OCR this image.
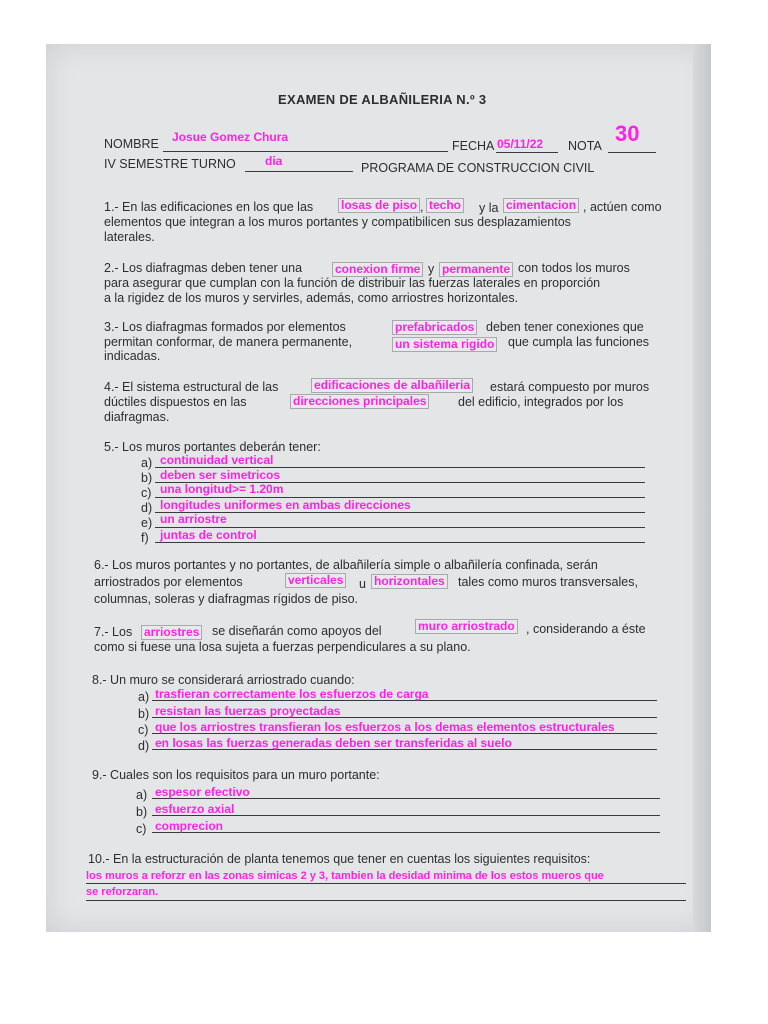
EXAMEN DE ALBAÑILERIA N.º 3
NOMBRE Josue Gomez Chura
FECHA 05/11/22 NOTA 30
IV SEMESTRE TURNO dia	PROGRAMA DE CONSTRUCCION CIVIL
1.- En las edificaciones en los que las losas de piso , techo y la cimentacion , actúen como
elementos que integran a los muros portantes y compatibilicen sus desplazamientos
laterales.
2.- Los diafragmas deben tener una	conexion firme y permanente con todos los muros
para asegurar que cumplan con la función de distribuir las fuerzas laterales en proporción
a la rigidez de los muros y servirles, además, como arriostres horizontales.
3.- Los diafragmas formados por elementos	prefabricados deben tener conexiones que
permitan conformar, de manera permanente,	un sistema rigido que cumpla las funciones
indicadas.
4.- El sistema estructural de las	edificaciones de albañileria estará compuesto por muros
dúctiles dispuestos en las	direcciones principales	del edificio, integrados por los
diafragmas.
5.- Los muros portantes deberán tener:
a) continuidad vertical
b) deben ser simetricos
c) una longitud>= 1.20m
d) longitudes uniformes en ambas direcciones
e) un arriostre
f) juntas de control
6.- Los muros portantes y no portantes, de albañilería simple o albañilería confinada, serán
arriostrados por elementos	verticales u horizontales tales como muros transversales,
columnas, soleras y diafragmas rígidos de piso.
7.- Los arriostres se diseñarán como apoyos del	muro arriostrado , considerando a éste
como si fuese una losa sujeta a fuerzas perpendiculares a su plano.
8.- Un muro se considerará arriostrado cuando:
a) trasfieran correctamente los esfuerzos de carga
b) resistan las fuerzas proyectadas
c) que los arriostres transfieran los esfuerzos a los demas elementos estructurales
d) en losas las fuerzas generadas deben ser transferidas al suelo
9.- Cuales son los requisitos para un muro portante:
a) espesor efectivo
b) esfuerzo axial
c) comprecion
10.- En la estructuración de planta tenemos que tener en cuentas los siguientes requisitos:
los muros a reforzr en las zonas simicas 2 y 3, tambien la desidad minima de los estos mueros que
se reforzaran.
